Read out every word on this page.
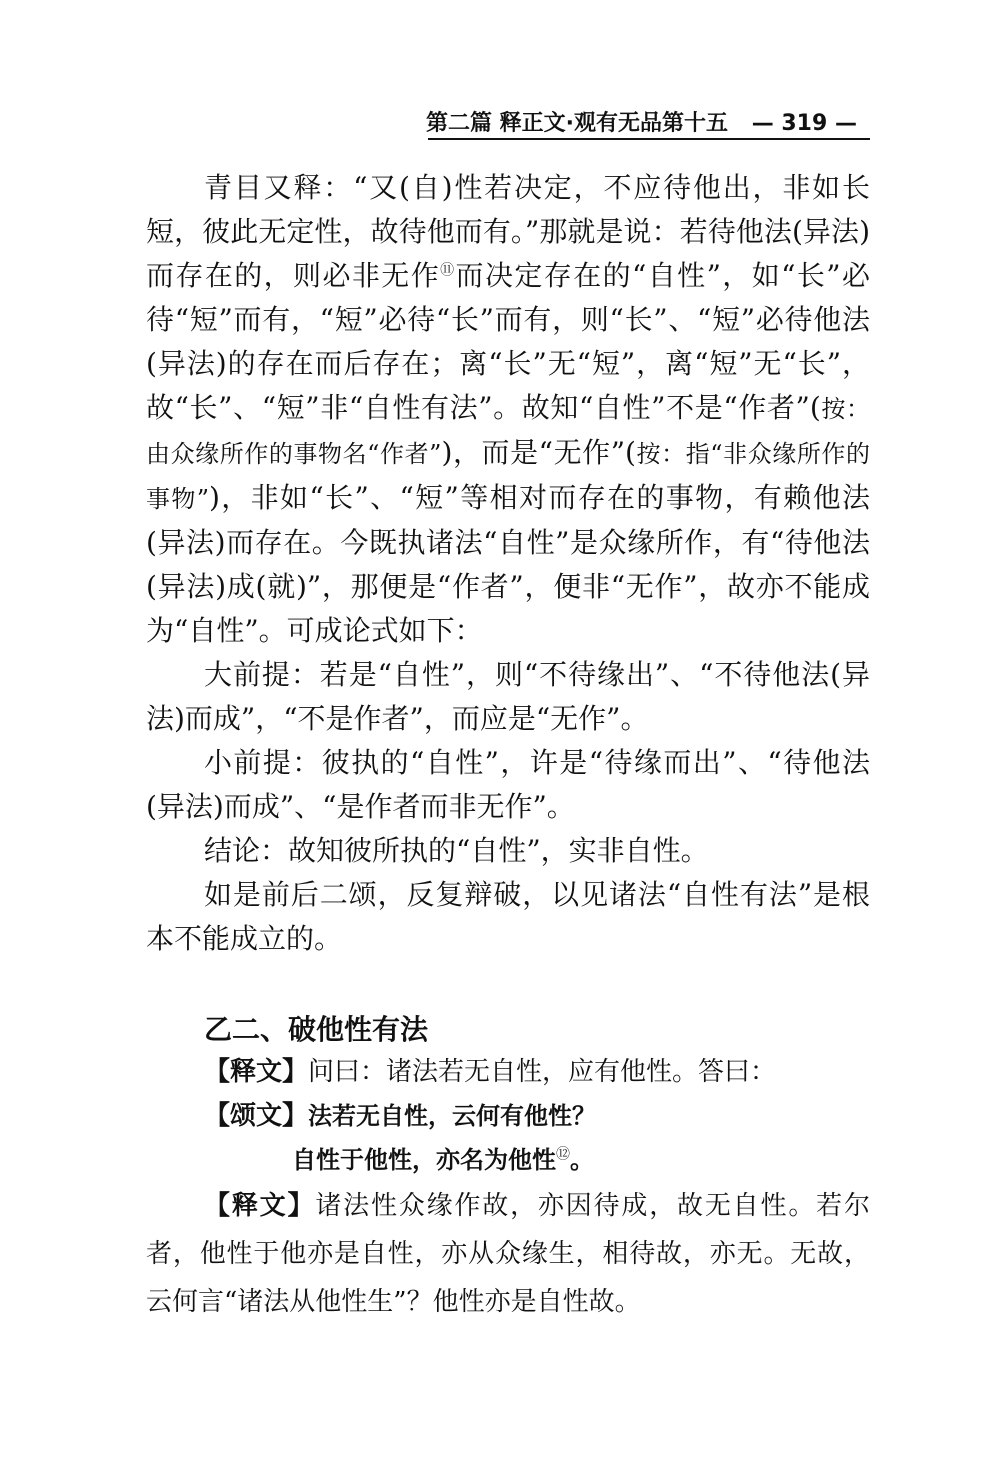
第二篇 释正文·观有无品第十五 — 319 —

青目又释：“又(自)性若决定，不应待他出，非如长短，彼此无定性，故待他而有。”那就是说：若待他法(异法)而存在的，则必非无作⑪而决定存在的“自性”，如“长”必待“短”而有，“短”必待“长”而有，则“长”、“短”必待他法(异法)的存在而后存在；离“长”无“短”，离“短”无“长”，故“长”、“短”非“自性有法”。故知“自性”不是“作者”(按：由众缘所作的事物名“作者”)，而是“无作”(按：指“非众缘所作的事物”)，非如“长”、“短”等相对而存在的事物，有赖他法(异法)而存在。今既执诸法“自性”是众缘所作，有“待他法(异法)成(就)”，那便是“作者”，便非“无作”，故亦不能成为“自性”。可成论式如下：

大前提：若是“自性”，则“不待缘出”、“不待他法(异法)而成”，“不是作者”，而应是“无作”。

小前提：彼执的“自性”，许是“待缘而出”、“待他法(异法)而成”、“是作者而非无作”。

结论：故知彼所执的“自性”，实非自性。

如是前后二颂，反复辩破，以见诸法“自性有法”是根本不能成立的。

乙二、破他性有法

【释文】问曰：诸法若无自性，应有他性。答曰：

【颂文】法若无自性，云何有他性？

自性于他性，亦名为他性⑫。

【释文】诸法性众缘作故，亦因待成，故无自性。若尔者，他性于他亦是自性，亦从众缘生，相待故，亦无。无故，云何言“诸法从他性生”？他性亦是自性故。
